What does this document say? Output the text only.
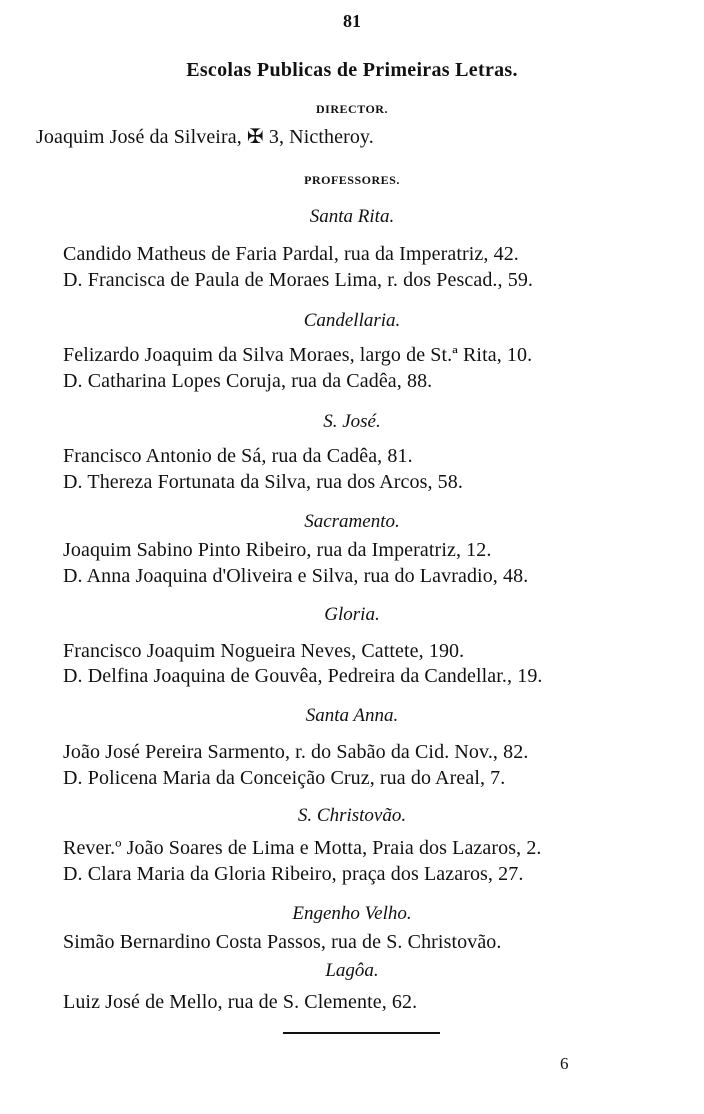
81
Escolas Publicas de Primeiras Letras.
DIRECTOR.
Joaquim José da Silveira, ✠ 3, Nictheroy.
PROFESSORES.
Santa Rita.
Candido Matheus de Faria Pardal, rua da Imperatriz, 42.
D. Francisca de Paula de Moraes Lima, r. dos Pescad., 59.
Candellaria.
Felizardo Joaquim da Silva Moraes, largo de St.ª Rita, 10.
D. Catharina Lopes Coruja, rua da Cadêa, 88.
S. José.
Francisco Antonio de Sá, rua da Cadêa, 81.
D. Thereza Fortunata da Silva, rua dos Arcos, 58.
Sacramento.
Joaquim Sabino Pinto Ribeiro, rua da Imperatriz, 12.
D. Anna Joaquina d'Oliveira e Silva, rua do Lavradio, 48.
Gloria.
Francisco Joaquim Nogueira Neves, Cattete, 190.
D. Delfina Joaquina de Gouvêa, Pedreira da Candellar., 19.
Santa Anna.
João José Pereira Sarmento, r. do Sabão da Cid. Nov., 82.
D. Policena Maria da Conceição Cruz, rua do Areal, 7.
S. Christovão.
Rever.º João Soares de Lima e Motta, Praia dos Lazaros, 2.
D. Clara Maria da Gloria Ribeiro, praça dos Lazaros, 27.
Engenho Velho.
Simão Bernardino Costa Passos, rua de S. Christovão.
Lagôa.
Luiz José de Mello, rua de S. Clemente, 62.
6
